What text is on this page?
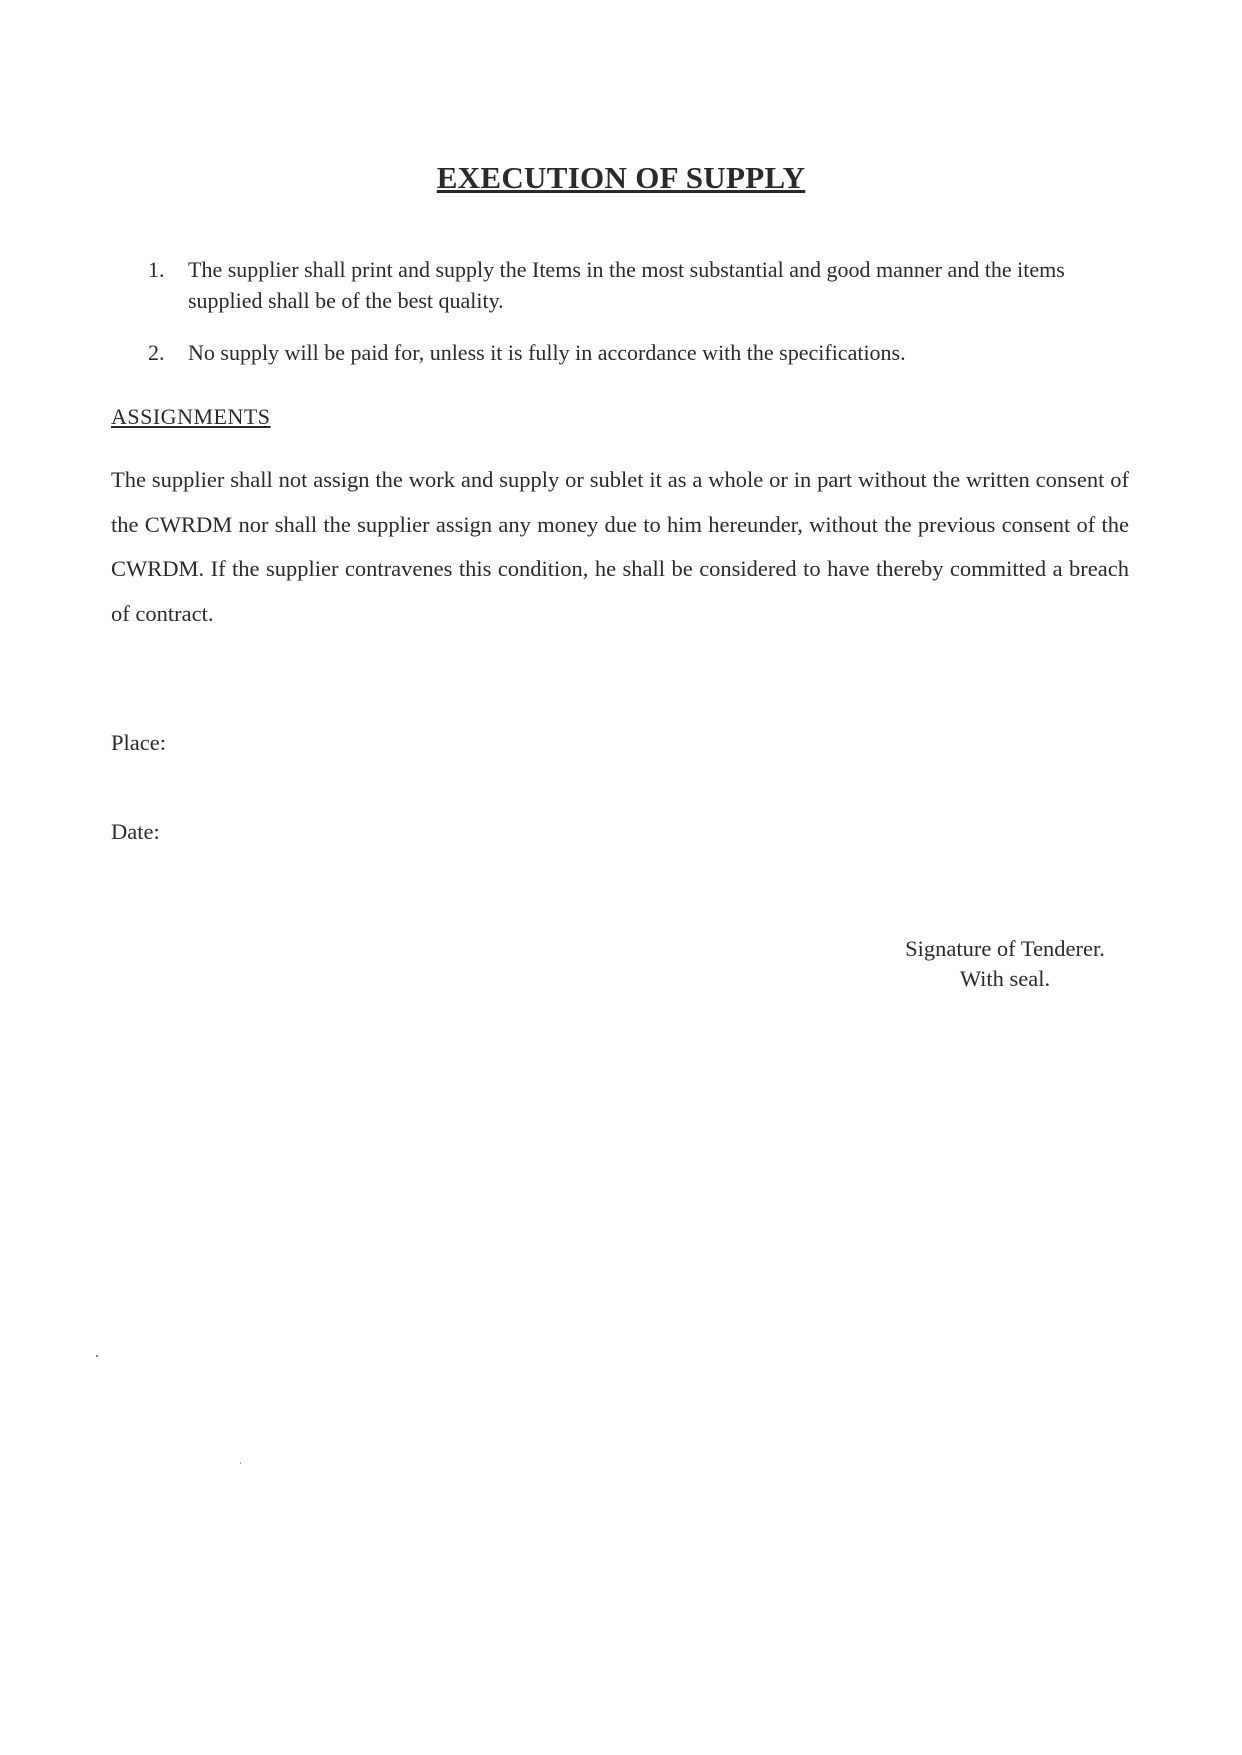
EXECUTION OF SUPPLY
1. The supplier shall print and supply the Items in the most substantial and good manner and the items supplied shall be of the best quality.
2. No supply will be paid for, unless it is fully in accordance with the specifications.
ASSIGNMENTS
The supplier shall not assign the work and supply or sublet it as a whole or in part without the written consent of the CWRDM nor shall the supplier assign any money due to him hereunder, without the previous consent of the CWRDM. If the supplier contravenes this condition, he shall be considered to have thereby committed a breach of contract.
Place:
Date:
Signature of Tenderer.
With seal.
